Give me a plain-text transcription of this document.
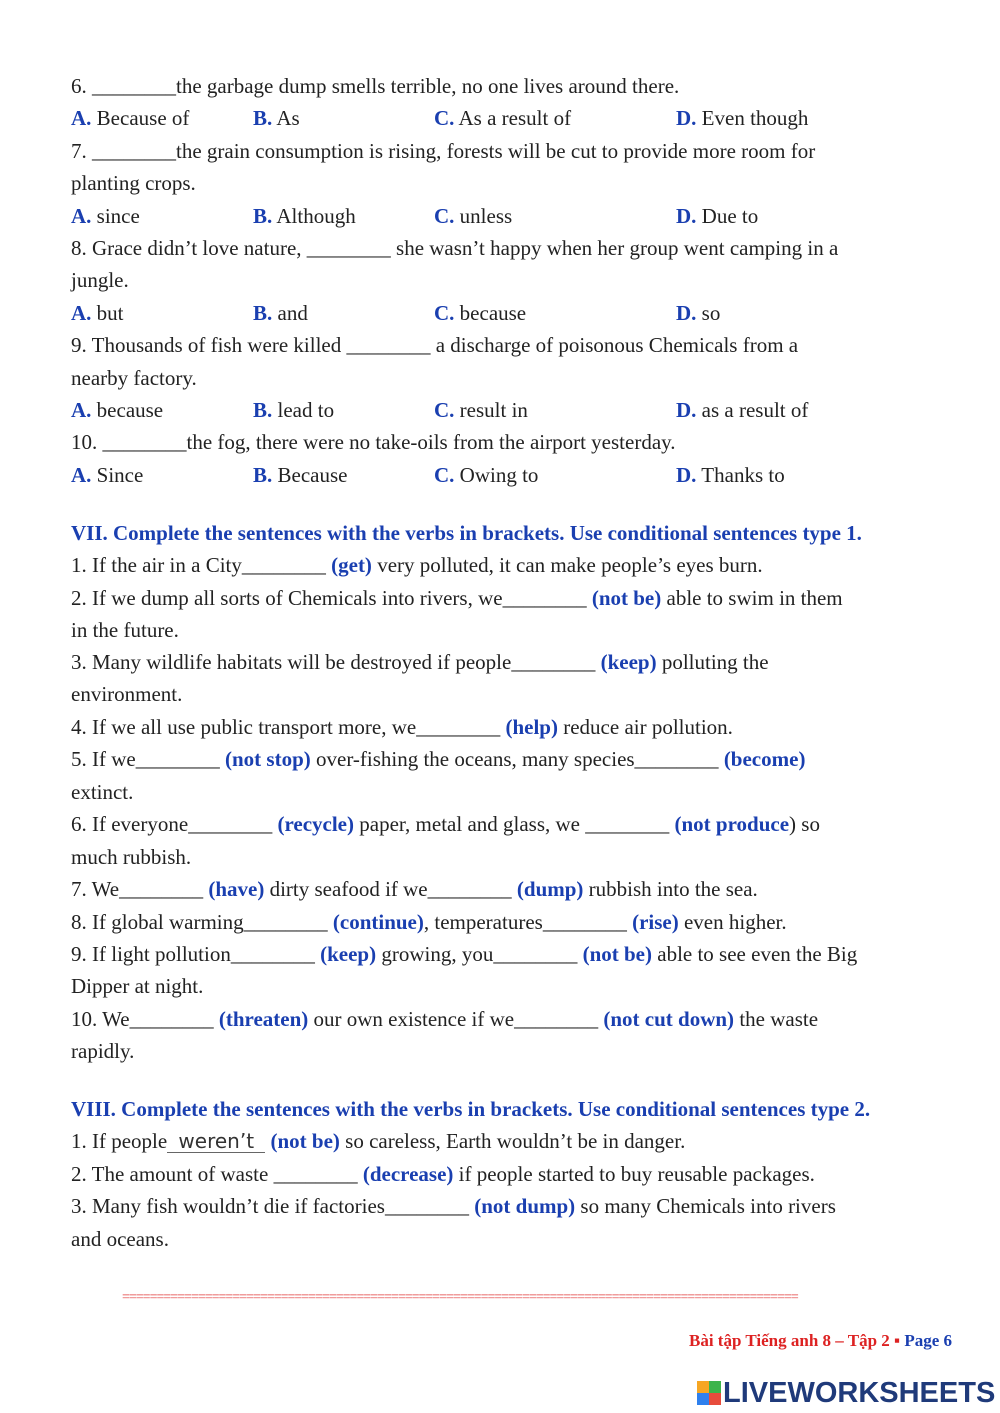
6. ________the garbage dump smells terrible, no one lives around there.
A. Because of	B. As	C. As a result of	D. Even though
7. ________the grain consumption is rising, forests will be cut to provide more room for
planting crops.
A. since	B. Although	C. unless	D. Due to
8. Grace didn’t love nature, ________ she wasn’t happy when her group went camping in a
jungle.
A. but	B. and	C. because	D. so
9. Thousands of fish were killed ________ a discharge of poisonous Chemicals from a
nearby factory.
A. because	B. lead to	C. result in	D. as a result of
10. ________the fog, there were no take-oils from the airport yesterday.
A. Since	B. Because	C. Owing to	D. Thanks to
VII. Complete the sentences with the verbs in brackets. Use conditional sentences type 1.
1. If the air in a City________ (get) very polluted, it can make people’s eyes burn.
2. If we dump all sorts of Chemicals into rivers, we________ (not be) able to swim in them
in the future.
3. Many wildlife habitats will be destroyed if people________ (keep) polluting the
environment.
4. If we all use public transport more, we________ (help) reduce air pollution.
5. If we________ (not stop) over-fishing the oceans, many species________ (become)
extinct.
6. If everyone________ (recycle) paper, metal and glass, we ________ (not produce) so
much rubbish.
7. We________ (have) dirty seafood if we________ (dump) rubbish into the sea.
8. If global warming________ (continue), temperatures________ (rise) even higher.
9. If light pollution________ (keep) growing, you________ (not be) able to see even the Big
Dipper at night.
10. We________ (threaten) our own existence if we________ (not cut down) the waste
rapidly.
VIII. Complete the sentences with the verbs in brackets. Use conditional sentences type 2.
1. If people weren’t (not be) so careless, Earth wouldn’t be in danger.
2. The amount of waste ________ (decrease) if people started to buy reusable packages.
3. Many fish wouldn’t die if factories________ (not dump) so many Chemicals into rivers
and oceans.
==================================================================================================
Bài tập Tiếng anh 8 – Tập 2 ▪ Page 6
LIVEWORKSHEETS
